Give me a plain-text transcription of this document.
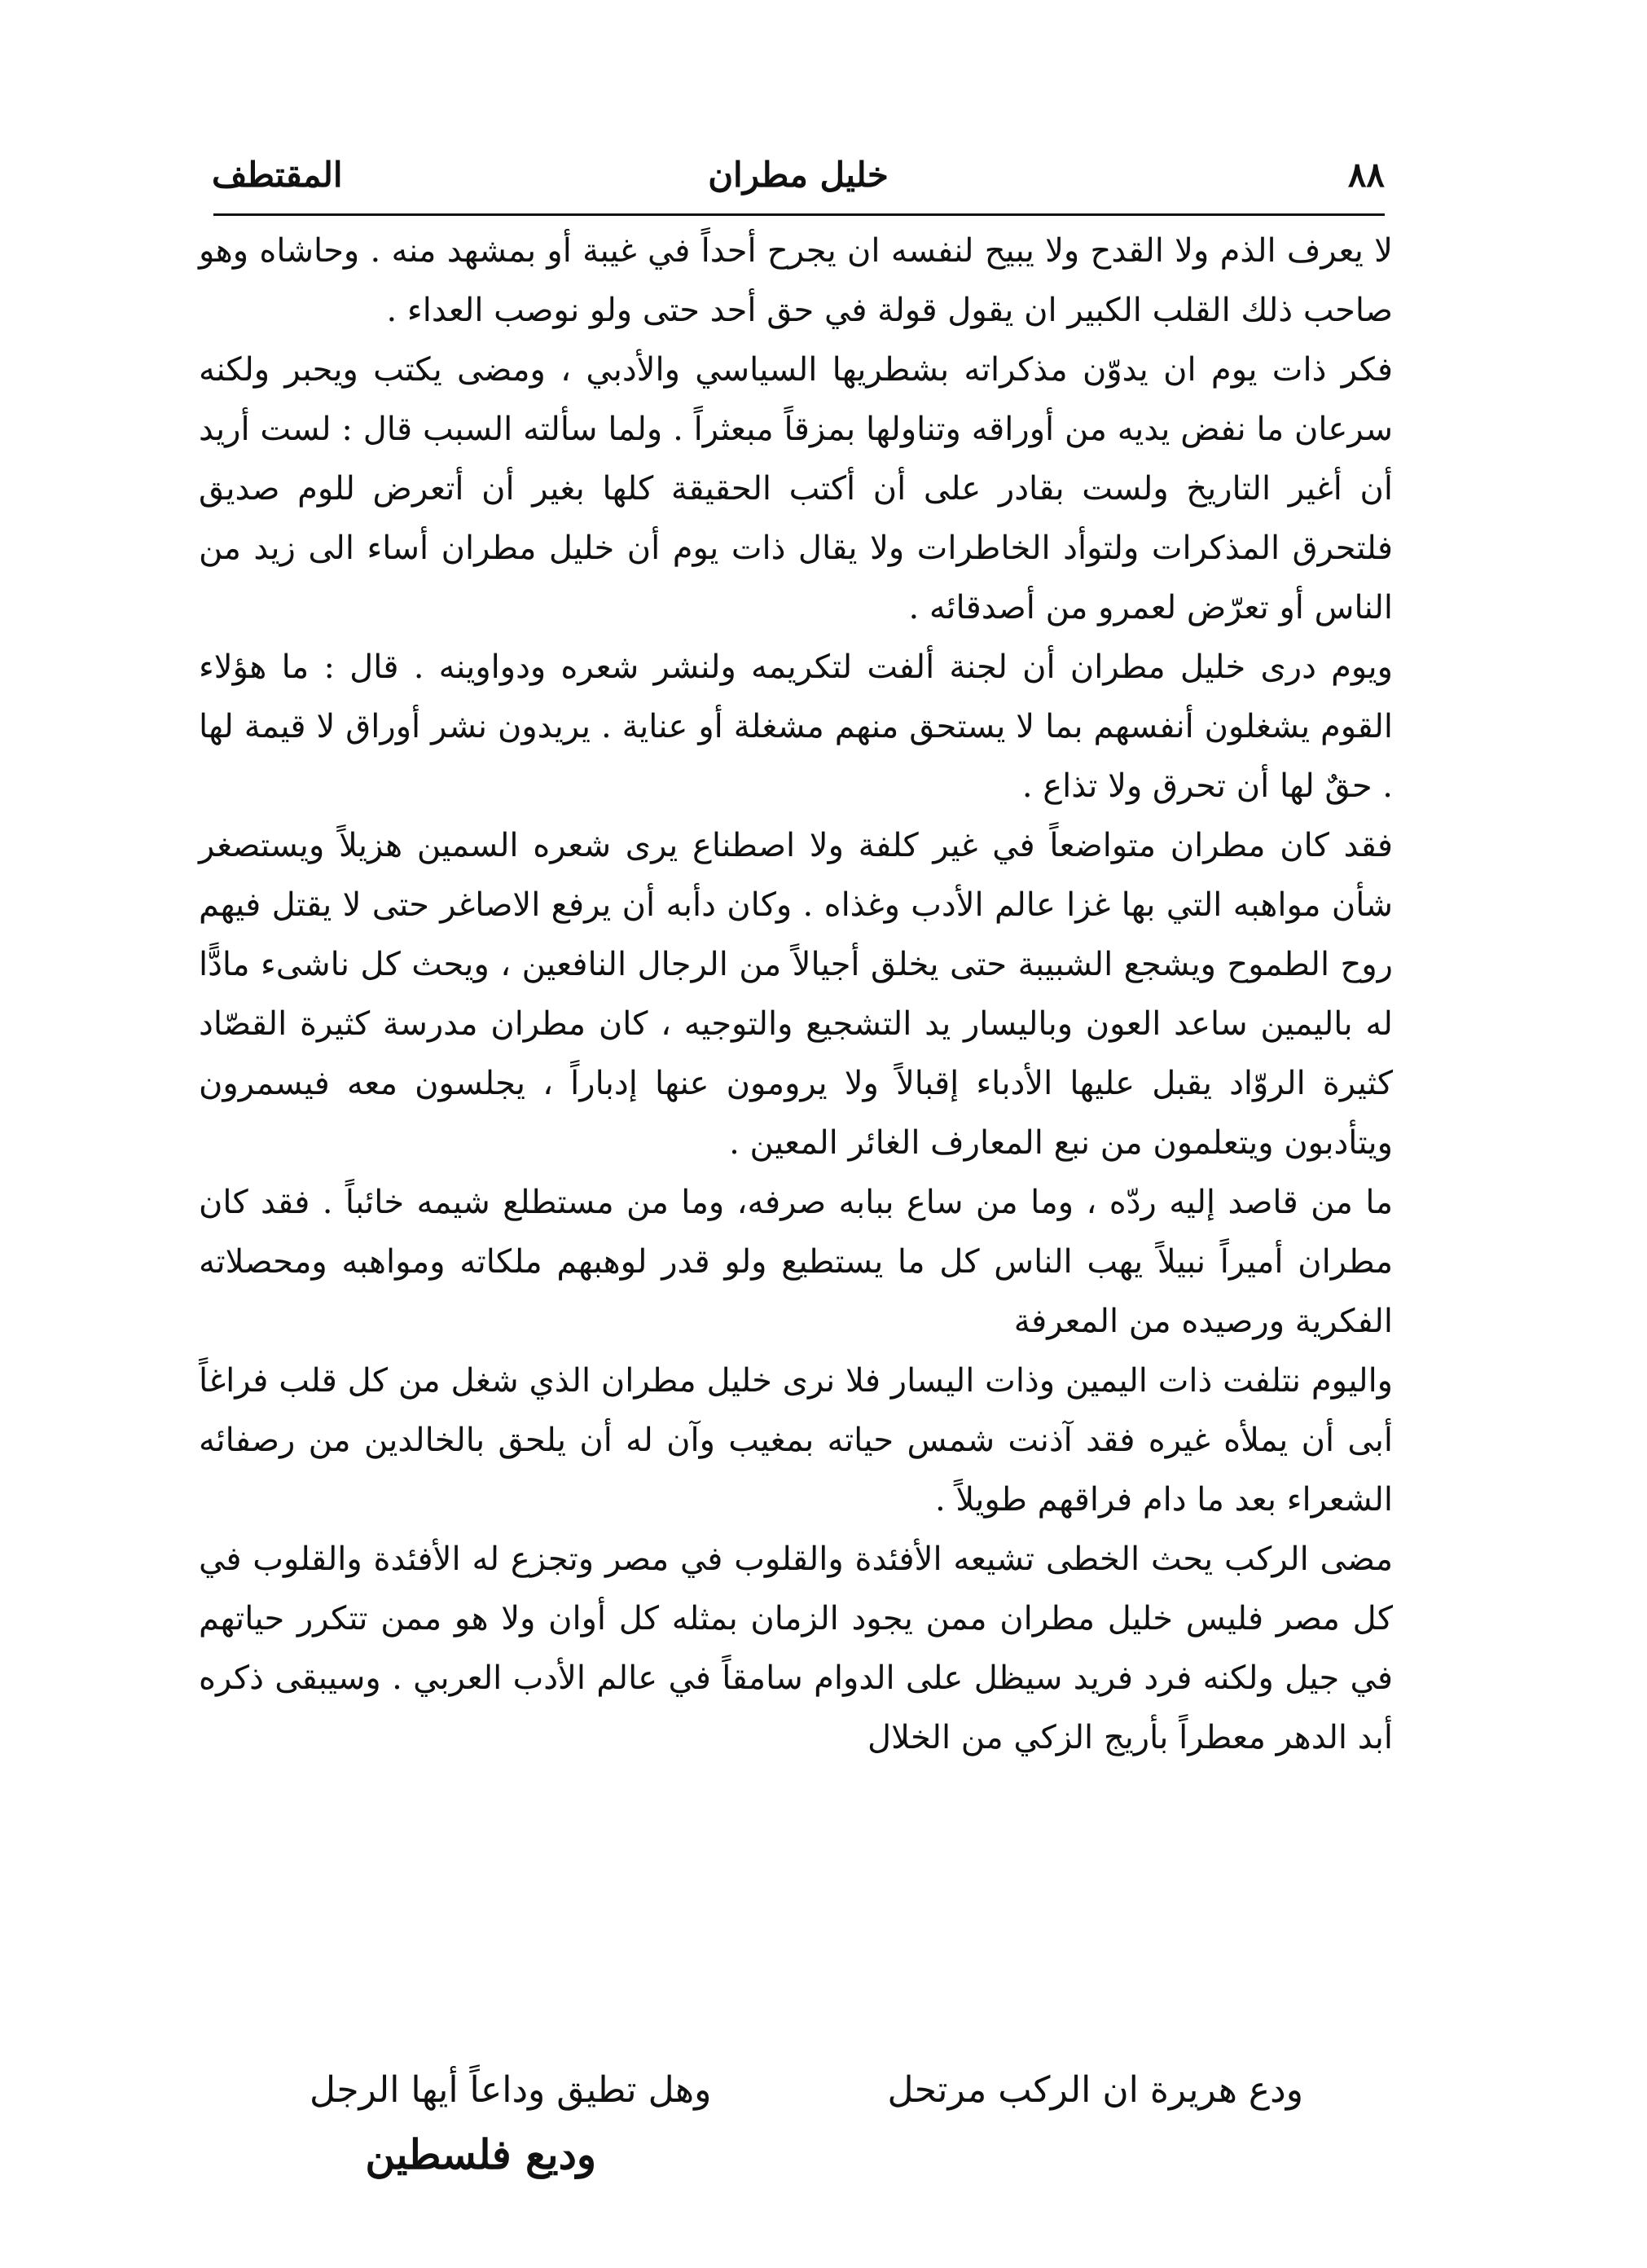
٨٨
خليل مطران
المقتطف

لا يعرف الذم ولا القدح ولا يبيح لنفسه ان يجرح أحداً في غيبة أو بمشهد منه . وحاشاه وهو صاحب ذلك القلب الكبير ان يقول قولة في حق أحد حتى ولو نوصب العداء .

فكر ذات يوم ان يدوّن مذكراته بشطريها السياسي والأدبي ، ومضى يكتب ويحبر ولكنه سرعان ما نفض يديه من أوراقه وتناولها بمزقاً مبعثراً . ولما سألته السبب قال : لست أريد أن أغير التاريخ ولست بقادر على أن أكتب الحقيقة كلها بغير أن أتعرض للوم صديق فلتحرق المذكرات ولتوأد الخاطرات ولا يقال ذات يوم أن خليل مطران أساء الى زيد من الناس أو تعرّض لعمرو من أصدقائه .

ويوم درى خليل مطران أن لجنة ألفت لتكريمه ولنشر شعره ودواوينه . قال : ما هؤلاء القوم يشغلون أنفسهم بما لا يستحق منهم مشغلة أو عناية . يريدون نشر أوراق لا قيمة لها . حقٌ لها أن تحرق ولا تذاع .

فقد كان مطران متواضعاً في غير كلفة ولا اصطناع يرى شعره السمين هزيلاً ويستصغر شأن مواهبه التي بها غزا عالم الأدب وغذاه . وكان دأبه أن يرفع الاصاغر حتى لا يقتل فيهم روح الطموح ويشجع الشبيبة حتى يخلق أجيالاً من الرجال النافعين ، ويحث كل ناشىء مادًّا له باليمين ساعد العون وباليسار يد التشجيع والتوجيه ، كان مطران مدرسة كثيرة القصّاد كثيرة الروّاد يقبل عليها الأدباء إقبالاً ولا يرومون عنها إدباراً ، يجلسون معه فيسمرون ويتأدبون ويتعلمون من نبع المعارف الغائر المعين .

ما من قاصد إليه ردّه ، وما من ساع ببابه صرفه، وما من مستطلع شيمه خائباً . فقد كان مطران أميراً نبيلاً يهب الناس كل ما يستطيع ولو قدر لوهبهم ملكاته ومواهبه ومحصلاته الفكرية ورصيده من المعرفة

واليوم نتلفت ذات اليمين وذات اليسار فلا نرى خليل مطران الذي شغل من كل قلب فراغاً أبى أن يملأه غيره فقد آذنت شمس حياته بمغيب وآن له أن يلحق بالخالدين من رصفائه الشعراء بعد ما دام فراقهم طويلاً .

مضى الركب يحث الخطى تشيعه الأفئدة والقلوب في مصر وتجزع له الأفئدة والقلوب في كل مصر فليس خليل مطران ممن يجود الزمان بمثله كل أوان ولا هو ممن تتكرر حياتهم في جيل ولكنه فرد فريد سيظل على الدوام سامقاً في عالم الأدب العربي . وسيبقى ذكره أبد الدهر معطراً بأريج الزكي من الخلال

ودع هريرة ان الركب مرتحل
وهل تطيق وداعاً أيها الرجل
وديع فلسطين
